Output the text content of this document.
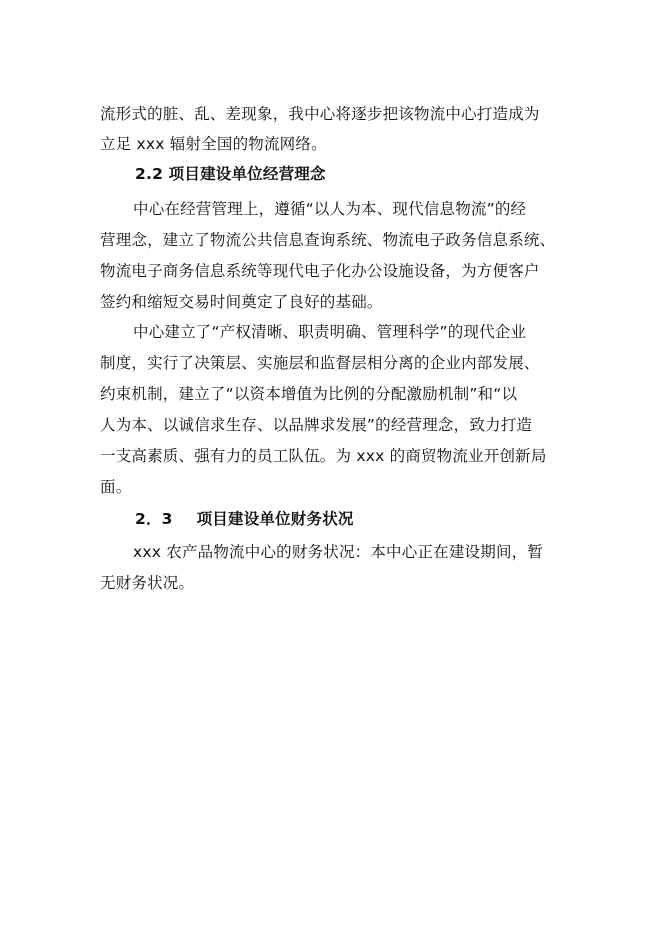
流形式的脏、乱、差现象，我中心将逐步把该物流中心打造成为
立足 xxx 辐射全国的物流网络。
2.2 项目建设单位经营理念
中心在经营管理上，遵循“以人为本、现代信息物流”的经
营理念，建立了物流公共信息查询系统、物流电子政务信息系统、
物流电子商务信息系统等现代电子化办公设施设备，为方便客户
签约和缩短交易时间奠定了良好的基础。
中心建立了“产权清晰、职责明确、管理科学”的现代企业
制度，实行了决策层、实施层和监督层相分离的企业内部发展、
约束机制，建立了“以资本增值为比例的分配激励机制”和“以
人为本、以诚信求生存、以品牌求发展”的经营理念，致力打造
一支高素质、强有力的员工队伍。为 xxx 的商贸物流业开创新局
面。
2．3 项目建设单位财务状况
xxx 农产品物流中心的财务状况：本中心正在建设期间，暂
无财务状况。
